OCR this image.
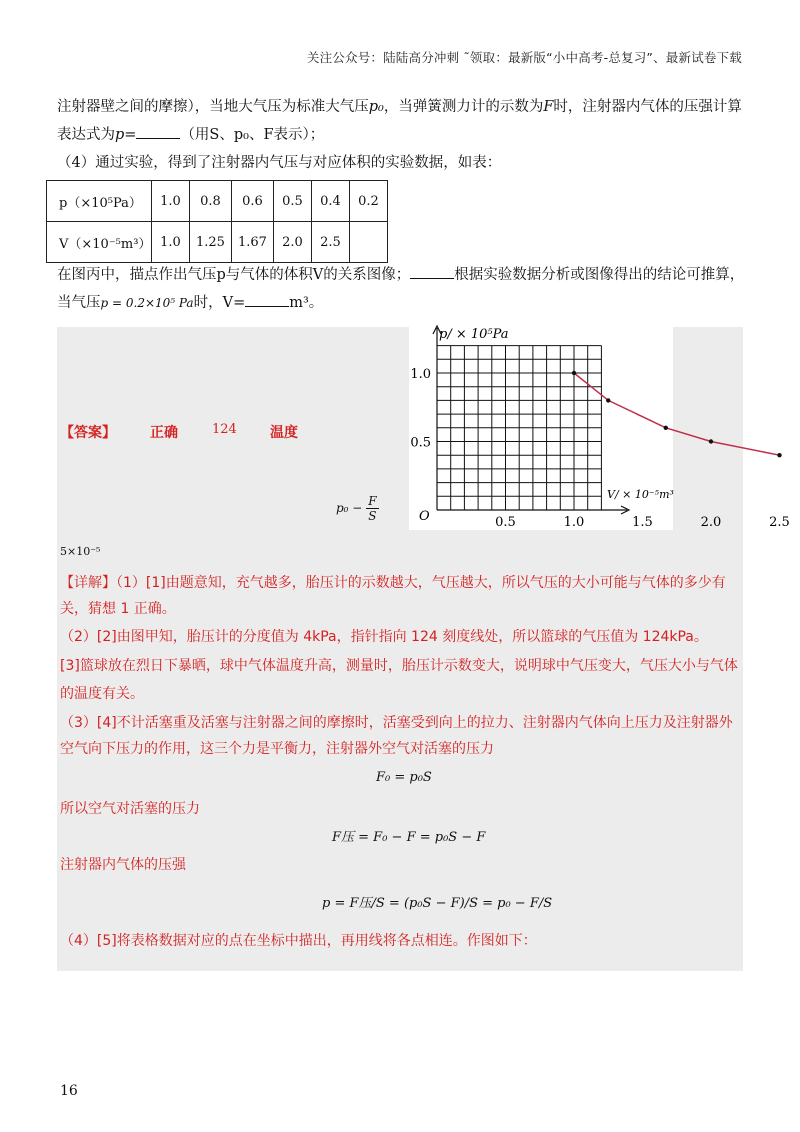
关注公众号：陆陆高分冲刺 ˜领取：最新版“小中高考-总复习”、最新试卷下载
注射器壁之间的摩擦），当地大气压为标准大气压p₀，当弹簧测力计的示数为F时，注射器内气体的压强计算
表达式为p=	（用S、p₀、F表示）；
（4）通过实验，得到了注射器内气压与对应体积的实验数据，如表：
p（×10⁵Pa）	1.0	0.8	0.6	0.5	0.4	0.2
V（×10⁻⁵m³）	1.0	1.25	1.67	2.0	2.5	
在图丙中，描点作出气压p与气体的体积V的关系图像；	根据实验数据分析或图像得出的结论可推算，
当气压p = 0.2×10⁵ Pa时，V=	m³。
【答案】 正确	124 温度
$p_0 - \frac{F}{S}$
5×10⁻⁵
0.5	1.0	1.5	2.0	2.5
0.5
1.0
p/ × 10⁵Pa
V/ × 10⁻⁵m³
O
【详解】（1）[1]由题意知，充气越多，胎压计的示数越大，气压越大，所以气压的大小可能与气体的多少有
关，猜想 1 正确。
（2）[2]由图甲知，胎压计的分度值为 4kPa，指针指向 124 刻度线处，所以篮球的气压值为 124kPa。
[3]篮球放在烈日下暴晒，球中气体温度升高，测量时，胎压计示数变大，说明球中气压变大，气压大小与气体
的温度有关。
（3）[4]不计活塞重及活塞与注射器之间的摩擦时，活塞受到向上的拉力、注射器内气体向上压力及注射器外
空气向下压力的作用，这三个力是平衡力，注射器外空气对活塞的压力
F₀ = p₀S
所以空气对活塞的压力
F压 = F₀ − F = p₀S − F
注射器内气体的压强
p = F压/S = (p₀S − F)/S = p₀ − F/S
（4）[5]将表格数据对应的点在坐标中描出，再用线将各点相连。作图如下：
16
